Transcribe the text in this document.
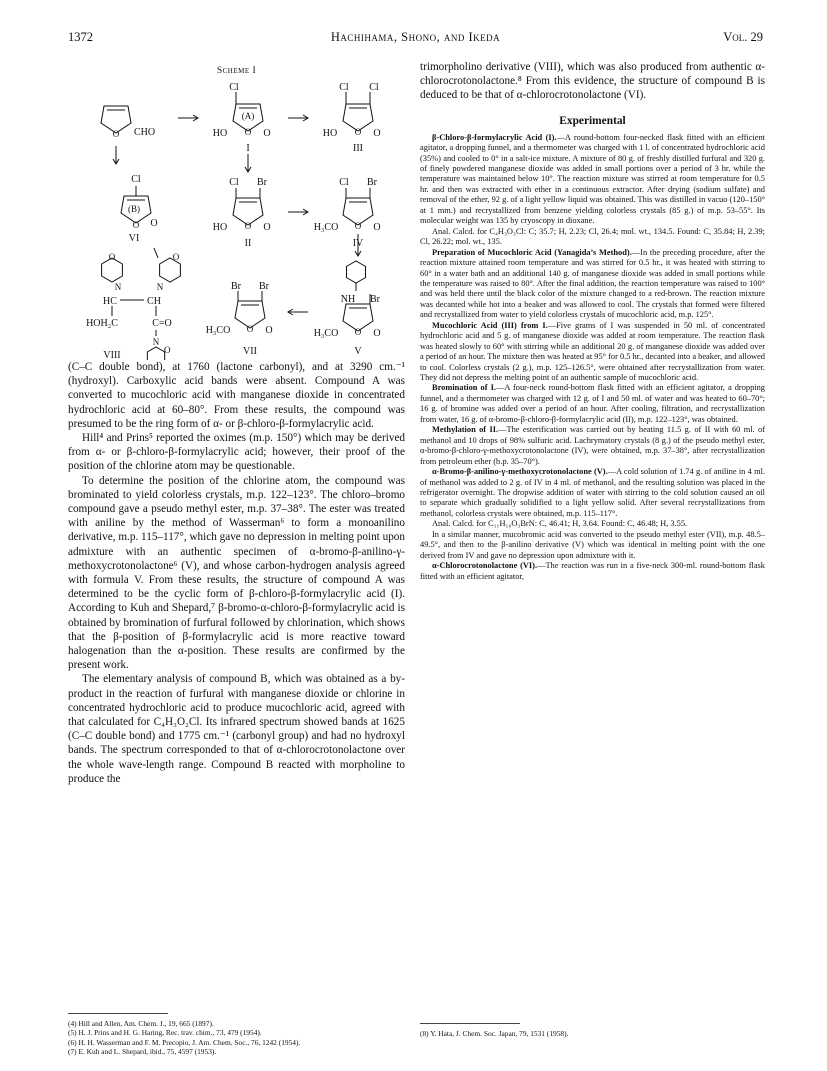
1372	Hachihama, Shono, and Ikeda	Vol. 29
Scheme I
O CHO
Cl
(A)
O
HO	O
I
Cl Cl
O
HO	O
III
Cl
(B)
O O
VI
Cl Br
O
HO	O
II
Cl Br
O
H₃CO	O
IV
O	O
N	N
HC	CH
HOH₂C	C=O
N
O
VIII
Br Br
O
H₃CO	O
VII
NH Br
O
H₃CO	O
V

(C–C double bond), at 1760 (lactone carbonyl), and at 3290 cm.⁻¹ (hydroxyl). Carboxylic acid bands were absent. Compound A was converted to mucochloric acid with manganese dioxide in concentrated hydrochloric acid at 60–80°. From these results, the compound was presumed to be the ring form of α- or β-chloro-β-formylacrylic acid.

Hill⁴ and Prins⁵ reported the oximes (m.p. 150°) which may be derived from α- or β-chloro-β-formylacrylic acid; however, their proof of the position of the chlorine atom may be questionable.

To determine the position of the chlorine atom, the compound was brominated to yield colorless crystals, m.p. 122–123°. The chloro–bromo compound gave a pseudo methyl ester, m.p. 37–38°. The ester was treated with aniline by the method of Wasserman⁶ to form a monoanilino derivative, m.p. 115–117°, which gave no depression in melting point upon admixture with an authentic specimen of α-bromo-β-anilino-γ-methoxycrotonolactone⁶ (V), and whose carbon-hydrogen analysis agreed with formula V. From these results, the structure of compound A was determined to be the cyclic form of β-chloro-β-formylacrylic acid (I). According to Kuh and Shepard,⁷ β-bromo-α-chloro-β-formylacrylic acid is obtained by bromination of furfural followed by chlorination, which shows that the β-position of β-formylacrylic acid is more reactive toward halogenation than the α-position. These results are confirmed by the present work.

The elementary analysis of compound B, which was obtained as a by-product in the reaction of furfural with manganese dioxide or chlorine in concentrated hydrochloric acid to produce mucochloric acid, agreed with that calculated for C₄H₃O₂Cl. Its infrared spectrum showed bands at 1625 (C–C double bond) and 1775 cm.⁻¹ (carbonyl group) and had no hydroxyl bands. The spectrum corresponded to that of α-chlorocrotonolactone over the whole wave-length range. Compound B reacted with morpholine to produce the

trimorpholino derivative (VIII), which was also produced from authentic α-chlorocrotonolactone.⁸ From this evidence, the structure of compound B is deduced to be that of α-chlorocrotonolactone (VI).

Experimental

β-Chloro-β-formylacrylic Acid (I).—A round-bottom four-necked flask fitted with an efficient agitator, a dropping funnel, and a thermometer was charged with 1 l. of concentrated hydrochloric acid (35%) and cooled to 0° in a salt-ice mixture. A mixture of 80 g. of freshly distilled furfural and 320 g. of finely powdered manganese dioxide was added in small portions over a period of 3 hr. while the temperature was maintained below 10°. The reaction mixture was stirred at room temperature for 0.5 hr. and then was extracted with ether in a continuous extractor. After drying (sodium sulfate) and removal of the ether, 92 g. of a light yellow liquid was obtained. This was distilled in vacuo (120–150° at 1 mm.) and recrystallized from benzene yielding colorless crystals (85 g.) of m.p. 53–55°. Its molecular weight was 135 by cryoscopy in dioxane.

Anal. Calcd. for C₄H₃O₃Cl: C; 35.7; H, 2.23; Cl, 26.4; mol. wt., 134.5. Found: C, 35.84; H, 2.39; Cl, 26.22; mol. wt., 135.

Preparation of Mucochloric Acid (Yanagida’s Method).—In the preceding procedure, after the reaction mixture attained room temperature and was stirred for 0.5 hr., it was heated with stirring to 60° in a water bath and an additional 140 g. of manganese dioxide was added in small portions while the temperature was raised to 80°. After the final addition, the reaction temperature was raised to 100° and was held there until the black color of the mixture changed to a red-brown. The reaction mixture was decanted while hot into a beaker and was allowed to cool. The crystals that formed were filtered and recrystallized from water to yield colorless crystals of mucochloric acid, m.p. 125°.

Mucochloric Acid (III) from I.—Five grams of I was suspended in 50 ml. of concentrated hydrochloric acid and 5 g. of manganese dioxide was added at room temperature. The reaction flask was heated slowly to 60° with stirring while an additional 20 g. of manganese dioxide was added over a period of an hour. The mixture then was heated at 95° for 0.5 hr., decanted into a beaker, and allowed to cool. Colorless crystals (2 g.), m.p. 125–126.5°, were obtained after recrystallization from water. They did not depress the melting point of an authentic sample of mucochloric acid.

Bromination of I.—A four-neck round-bottom flask fitted with an efficient agitator, a dropping funnel, and a thermometer was charged with 12 g. of I and 50 ml. of water and was heated to 60–70°; 16 g. of bromine was added over a period of an hour. After cooling, filtration, and recrystallization from water, 16 g. of α-bromo-β-chloro-β-formylacrylic acid (II), m.p. 122–123°, was obtained.

Methylation of II.—The esterification was carried out by heating 11.5 g. of II with 60 ml. of methanol and 10 drops of 98% sulfuric acid. Lachrymatory crystals (8 g.) of the pseudo methyl ester, α-bromo-β-chloro-γ-methoxycrotonolactone (IV), were obtained, m.p. 37–38°, after recrystallization from petroleum ether (b.p. 35–70°).

α-Bromo-β-anilino-γ-methoxycrotonolactone (V).—A cold solution of 1.74 g. of aniline in 4 ml. of methanol was added to 2 g. of IV in 4 ml. of methanol, and the resulting solution was placed in the refrigerator overnight. The dropwise addition of water with stirring to the cold solution caused an oil to separate which gradually solidified to a light yellow solid. After several recrystallizations from methanol, colorless crystals were obtained, m.p. 115–117°.

Anal. Calcd. for C₁₁H₁₀O₃BrN: C, 46.41; H, 3.64. Found: C, 46.48; H, 3.55.

In a similar manner, mucobromic acid was converted to the pseudo methyl ester (VII), m.p. 48.5–49.5°, and then to the β-anilino derivative (V) which was identical in melting point with the one derived from IV and gave no depression upon admixture with it.

α-Chlorocrotonolactone (VI).—The reaction was run in a five-neck 300-ml. round-bottom flask fitted with an efficient agitator,

(4) Hill and Allen, Am. Chem. J., 19, 665 (1897).
(5) H. J. Prins and H. G. Haring, Rec. trav. chim., 73, 479 (1954).
(6) H. H. Wasserman and F. M. Precopio, J. Am. Chem. Soc., 76, 1242 (1954).
(7) E. Kuh and L. Shepard, ibid., 75, 4597 (1953).
(8) Y. Hata, J. Chem. Soc. Japan, 79, 1531 (1958).
